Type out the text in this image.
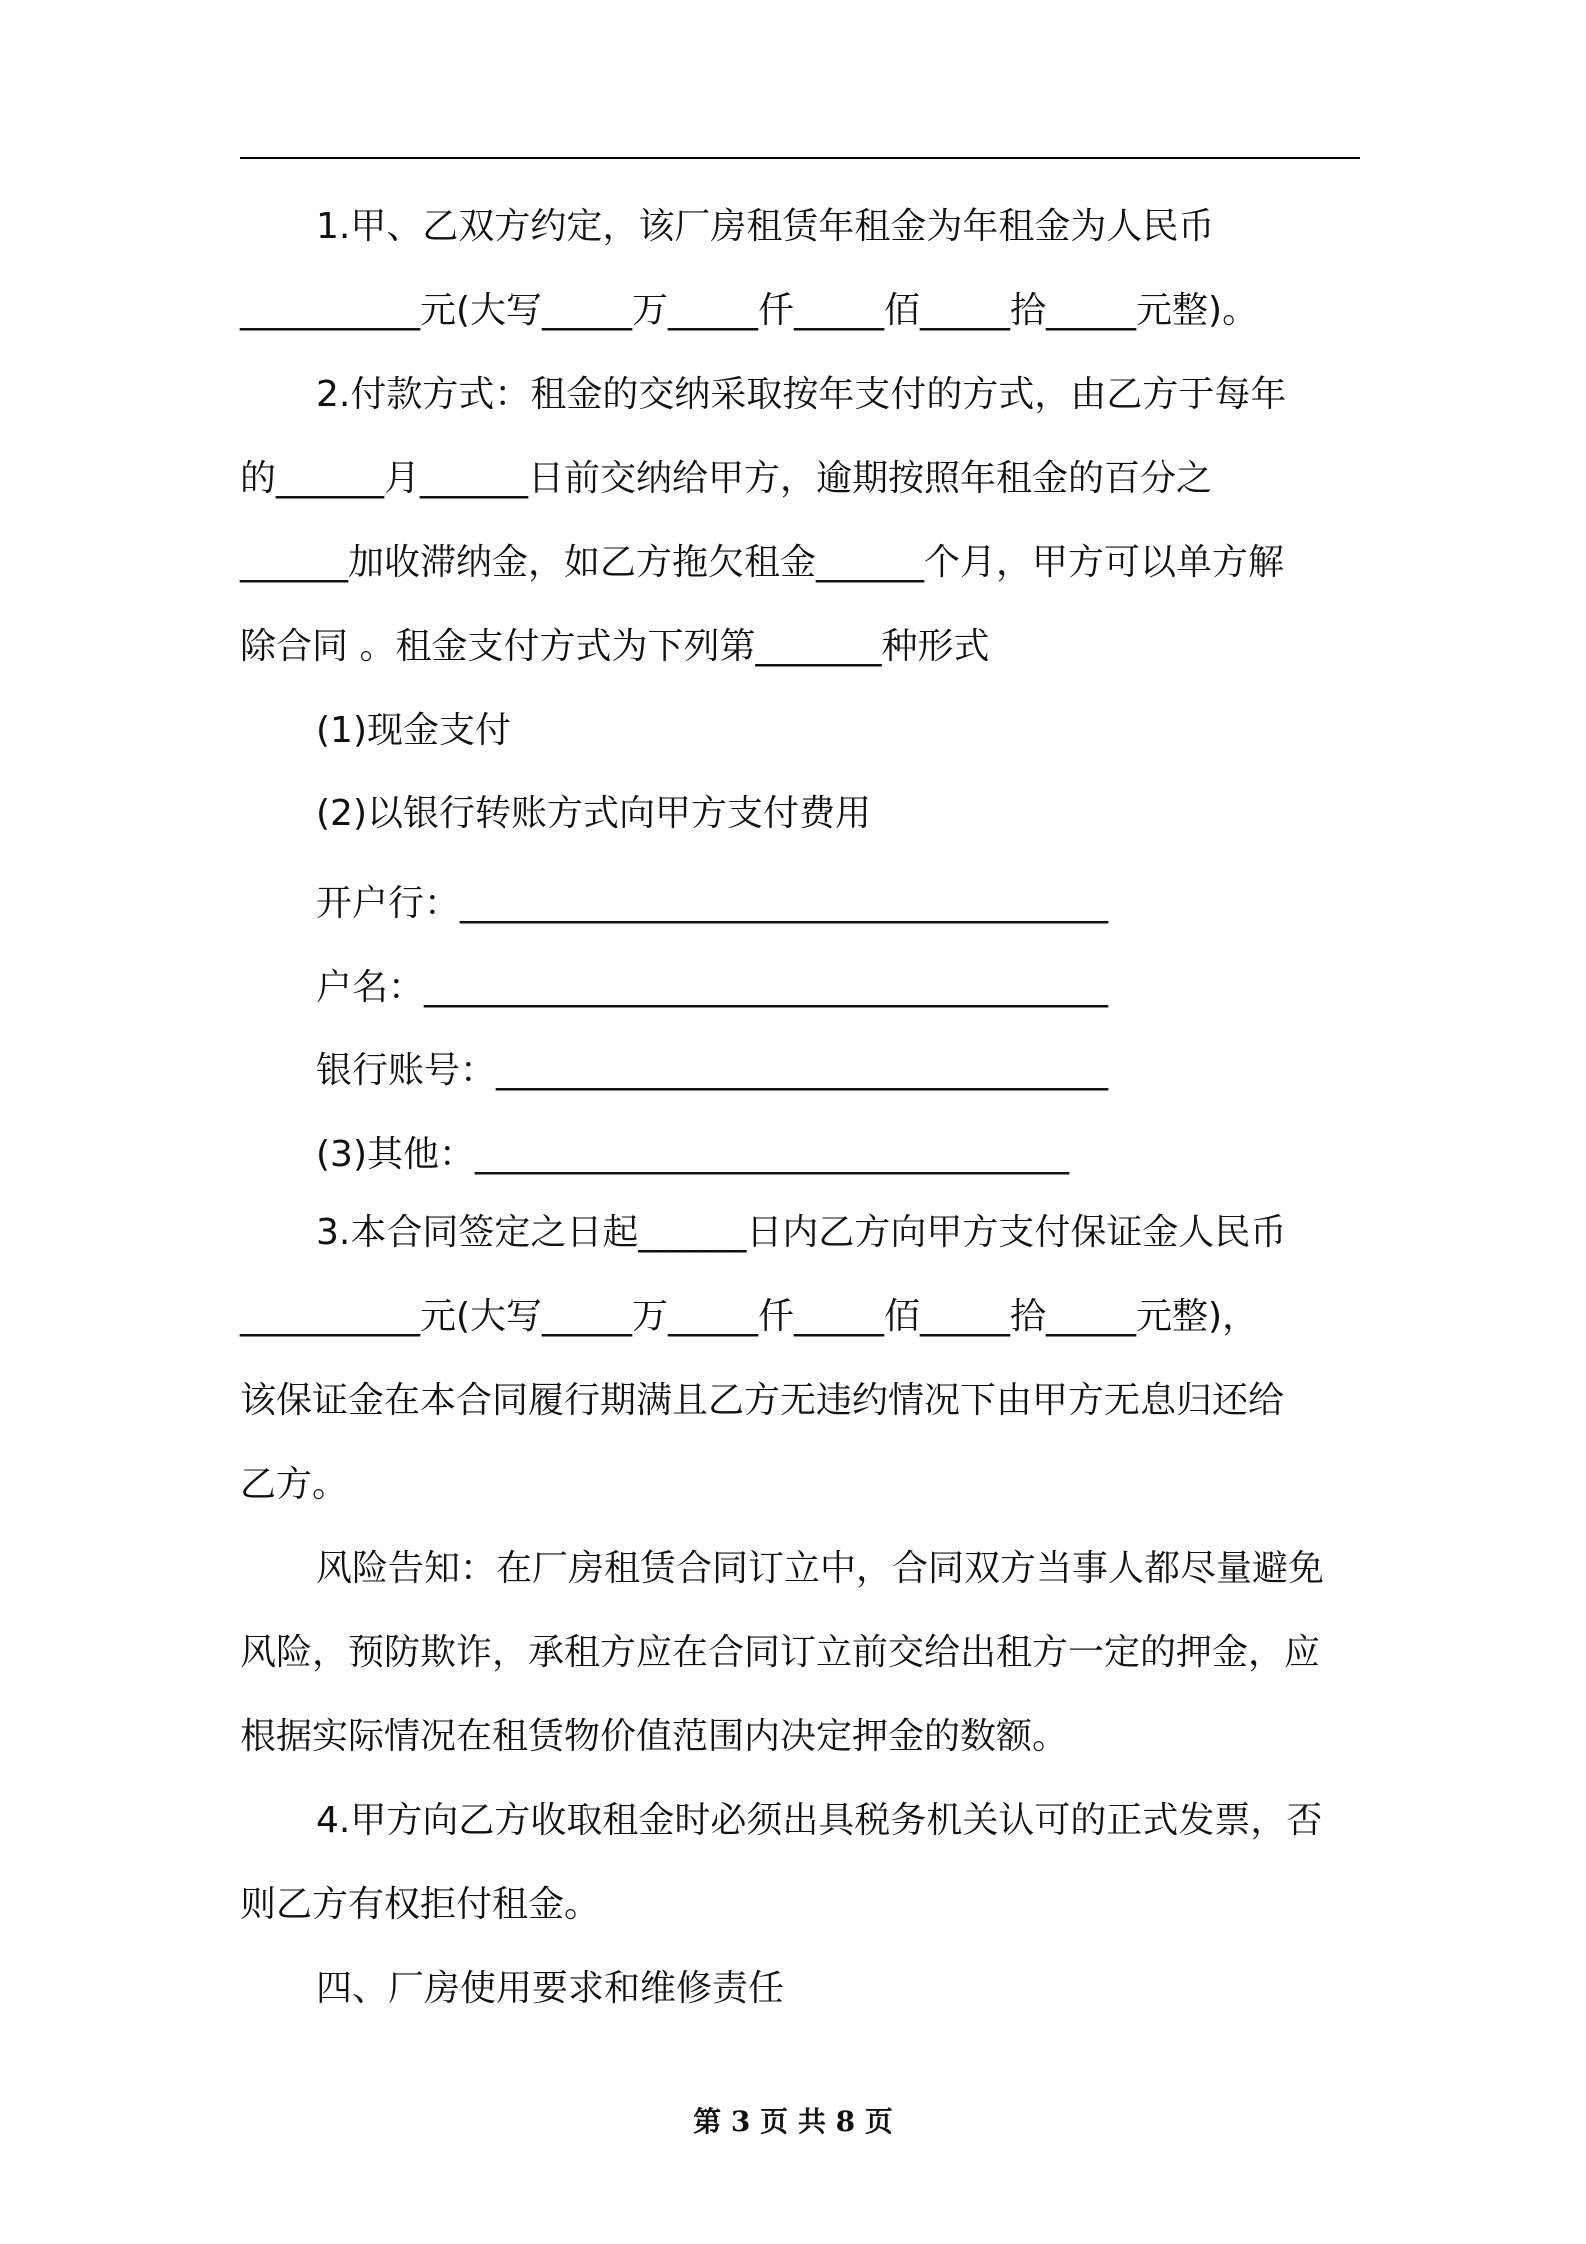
1.甲、乙双方约定，该厂房租赁年租金为年租金为人民币
__________元(大写_____万_____仟_____佰_____拾_____元整)。
2.付款方式：租金的交纳采取按年支付的方式，由乙方于每年
的______月______日前交纳给甲方，逾期按照年租金的百分之
______加收滞纳金，如乙方拖欠租金______个月，甲方可以单方解
除合同 。租金支付方式为下列第_______种形式
(1)现金支付
(2)以银行转账方式向甲方支付费用
开户行：____________________________________
户名：______________________________________
银行账号：__________________________________
(3)其他：_________________________________
3.本合同签定之日起______日内乙方向甲方支付保证金人民币
__________元(大写_____万_____仟_____佰_____拾_____元整)，
该保证金在本合同履行期满且乙方无违约情况下由甲方无息归还给
乙方。
风险告知：在厂房租赁合同订立中，合同双方当事人都尽量避免
风险，预防欺诈，承租方应在合同订立前交给出租方一定的押金，应
根据实际情况在租赁物价值范围内决定押金的数额。
4.甲方向乙方收取租金时必须出具税务机关认可的正式发票，否
则乙方有权拒付租金。
四、厂房使用要求和维修责任
第 3 页 共 8 页
